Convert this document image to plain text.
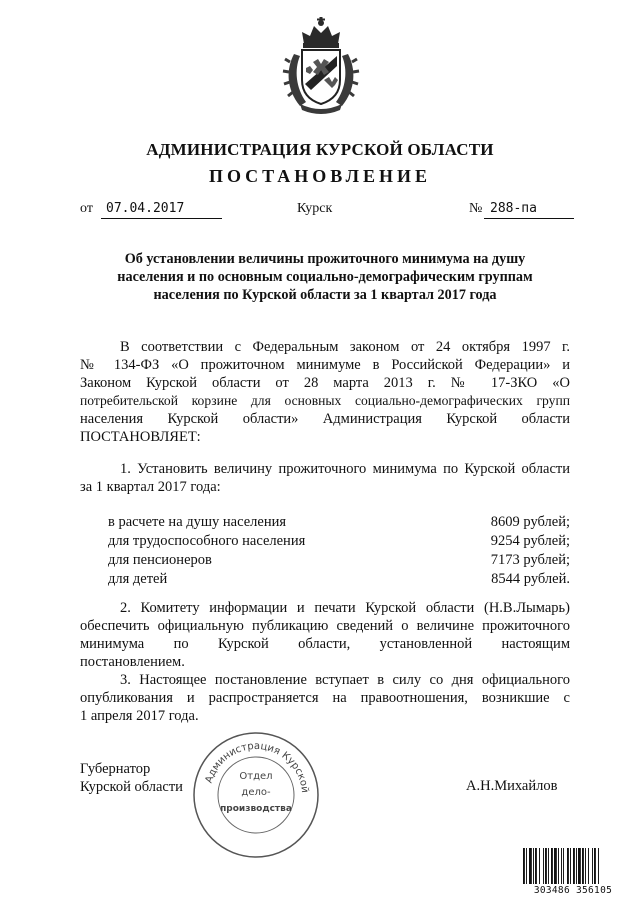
АДМИНИСТРАЦИЯ КУРСКОЙ ОБЛАСТИ
ПОСТАНОВЛЕНИЕ
от	07.04.2017	Курск	№ 288-па
Об установлении величины прожиточного минимума на душу
населения и по основным социально-демографическим группам
населения по Курской области за 1 квартал 2017 года
В соответствии с Федеральным законом от 24 октября 1997 г.
№ 134-ФЗ «О прожиточном минимуме в Российской Федерации» и
Законом Курской области от 28 марта 2013 г. № 17-ЗКО «О
потребительской корзине для основных социально-демографических групп
населения Курской области» Администрация Курской области
ПОСТАНОВЛЯЕТ:
1. Установить величину прожиточного минимума по Курской области
за 1 квартал 2017 года:
в расчете на душу населения	8609 рублей;
для трудоспособного населения	9254 рублей;
для пенсионеров	7173 рублей;
для детей	8544 рублей.
2. Комитету информации и печати Курской области (Н.В.Лымарь)
обеспечить официальную публикацию сведений о величине прожиточного
минимума по Курской области, установленной настоящим
постановлением.
3. Настоящее постановление вступает в силу со дня официального
опубликования и распространяется на правоотношения, возникшие с
1 апреля 2017 года.
Губернатор
Курской области	А.Н.Михайлов
Администрация Курской
Отдел
дело-
производства
303486 356105
